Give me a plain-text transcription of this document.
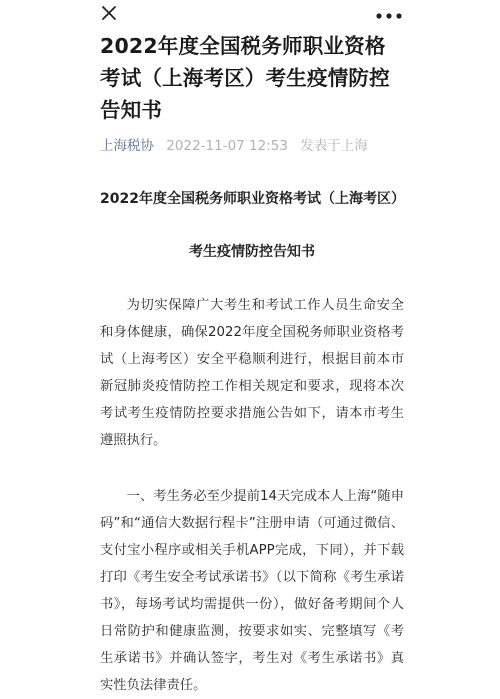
2022年度全国税务师职业资格考试（上海考区）考生疫情防控告知书
上海税协 2022-11-07 12:53 发表于上海
2022年度全国税务师职业资格考试（上海考区）
考生疫情防控告知书

为切实保障广大考生和考试工作人员生命安全和身体健康，确保2022年度全国税务师职业资格考试（上海考区）安全平稳顺利进行，根据目前本市新冠肺炎疫情防控工作相关规定和要求，现将本次考试考生疫情防控要求措施公告如下，请本市考生遵照执行。

一、考生务必至少提前14天完成本人上海“随申码”和“通信大数据行程卡”注册申请（可通过微信、支付宝小程序或相关手机APP完成，下同），并下载打印《考生安全考试承诺书》（以下简称《考生承诺书》，每场考试均需提供一份），做好备考期间个人日常防护和健康监测，按要求如实、完整填写《考生承诺书》并确认签字，考生对《考生承诺书》真实性负法律责任。
